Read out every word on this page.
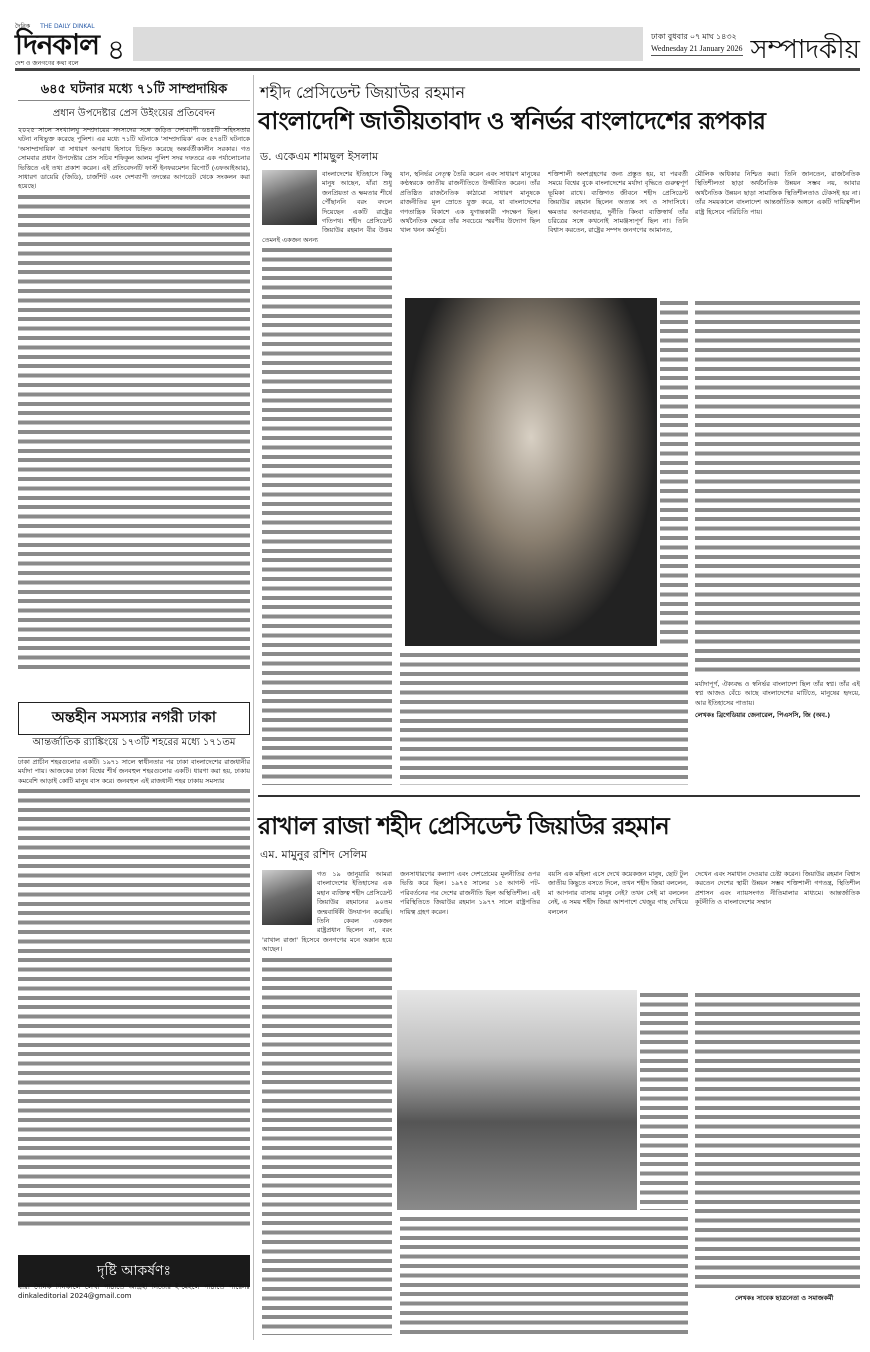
দৈনিক THE DAILY DINKAL
দিনকাল
দেশ ও জনগণের কথা বলে ৪	ঢাকা বুধবার ০৭ মাঘ ১৪৩২
Wednesday 21 January 2026 সম্পাদকীয়
৬৪৫ ঘটনার মধ্যে ৭১টি সাম্প্রদায়িক
প্রধান উপদেষ্টার প্রেস উইংয়ের প্রতিবেদন

২০২৫ সালে সংখ্যালঘু সম্প্রদায়ের সদস্যদের সঙ্গে জড়িত দেশব্যাপী ৬৪৫টি সহিংসতার ঘটনা নথিভুক্ত করেছে পুলিশ। এর মধ্যে ৭১টি ঘটনাকে 'সাম্প্রদায়িক' এবং ৫৭৪টি ঘটনাকে 'অসাম্প্রদায়িক' বা সাধারণ অপরাধ হিসাবে চিহ্নিত করেছে অন্তর্বর্তীকালীন সরকার। গত সোমবার প্রধান উপদেষ্টার প্রেস সচিব শফিকুল আলম পুলিশ সদর দফতরে এক পর্যালোচনার ভিত্তিতে এই তথ্য প্রকাশ করেন। এই প্রতিবেদনটি ফার্স্ট ইনফরমেশন রিপোর্ট (এফআইআর), সাধারণ ডায়েরি (জিডি), চার্জশিট এবং দেশব্যাপী তদন্তের আপডেট থেকে সংকলন করা হয়েছে।

অন্তহীন সমস্যার নগরী ঢাকা
আন্তর্জাতিক র‍্যাঙ্কিংয়ে ১৭৩টি শহরের মধ্যে ১৭১তম

ঢাকা প্রাচীন শহরগুলোর একটি। ১৯৭১ সালে স্বাধীনতার পর ঢাকা বাংলাদেশের রাজধানীর মর্যাদা পায়। আজকের ঢাকা বিশ্বের শীর্ষ জনবহুল শহরগুলোর একটি। ধারণা করা হয়, ঢাকায় কমবেশি আড়াই কোটি মানুষ বাস করে। জনবহুল এই রাজধানী শহর ঢাকায় সমস্যার

দৃষ্টি আকর্ষণঃ
যারা দৈনিক দিনকালে লেখা পাঠাতে আগ্রহী নিজের ই-মেইলে পাঠাতে পারেনঃ dinkaleditorial 2024@gmail.com
শহীদ প্রেসিডেন্ট জিয়াউর রহমান
বাংলাদেশি জাতীয়তাবাদ ও স্বনির্ভর বাংলাদেশের রূপকার
ড. একেএম শামছুল ইসলাম

বাংলাদেশের ইতিহাসে কিছু মানুষ আছেন, যাঁরা শুধু জনপ্রিয়তা ও ক্ষমতার শীর্ষে পৌঁছাননি বরং বদলে দিয়েছেন একটি রাষ্ট্রের গতিপথ। শহীদ প্রেসিডেন্ট জিয়াউর রহমান বীর উত্তম তেমনই একজন অনন্য

যান, স্থনির্ভর নেতৃত্ব তৈরি করেন এবং সাধারণ মানুষের কণ্ঠস্বরকে জাতীয় রাজনীতিতে উজ্জীবিত করেন। তাঁর প্রতিষ্ঠিত রাজনৈতিক কাঠামো সাধারণ মানুষকে রাজনীতির মূল স্রোতে যুক্ত করে, যা বাংলাদেশের গণতান্ত্রিক বিকাশে এক যুগান্তকারী পদক্ষেপ ছিল। অর্থনৈতিক ক্ষেত্রে তাঁর সবচেয়ে স্মরণীয় উদ্যোগ ছিল খাল খনন কর্মসূচি।
শক্তিশালী অংশগ্রহণের জন্য প্রস্তুত হয়, যা পরবর্তী সময়ে বিশ্বের বুকে বাংলাদেশের মর্যাদা বৃদ্ধিতে গুরুত্বপূর্ণ ভূমিকা রাখে। ব্যক্তিগত জীবনে শহীদ প্রেসিডেন্ট জিয়াউর রহমান ছিলেন অত্যন্ত সৎ ও সাদাসিধে। ক্ষমতার অপব্যবহার, দুর্নীতি কিংবা ব্যক্তিস্বার্থ তাঁর চরিত্রের সঙ্গে কখনোই সামঞ্জস্যপূর্ণ ছিল না। তিনি বিশ্বাস করতেন, রাষ্ট্রের সম্পদ জনগণের আমানত,
মৌলিক অধিকার নিশ্চিত করা। তিনি জানতেন, রাজনৈতিক স্থিতিশীলতা ছাড়া অর্থনৈতিক উন্নয়ন সম্ভব নয়, আবার অর্থনৈতিক উন্নয়ন ছাড়া সামাজিক স্থিতিশীলতাও টেকসই হয় না। তাঁর সময়কালে বাংলাদেশ আন্তর্জাতিক অঙ্গনে একটি দায়িত্বশীল রাষ্ট্র হিসেবে পরিচিতি পায়।
মর্যাদাপূর্ণ, ঐক্যবদ্ধ ও স্বনির্ভর বাংলাদেশ ছিল তাঁর স্বপ্ন। তাঁর এই স্বপ্ন আজও বেঁচে আছে বাংলাদেশের মাটিতে, মানুষের হৃদয়ে, আর ইতিহাসের পাতায়।
লেখকঃ ব্রিগেডিয়ার জেনারেল, পিএসসি, জি (অব.)
রাখাল রাজা শহীদ প্রেসিডেন্ট জিয়াউর রহমান
এম. মামুনুর রশিদ সেলিম

গত ১৯ জানুয়ারি আমরা বাংলাদেশের ইতিহাসের এক মহান ব্যক্তিত্ব শহীদ প্রেসিডেন্ট জিয়াউর রহমানের ৯০তম জন্মবার্ষিকী উদযাপন করেছি। তিনি কেবল একজন রাষ্ট্রপ্রধান ছিলেন না, বরং 'রাখাল রাজা' হিসেবে জনগণের মনে অম্লান হয়ে আছেন।

জনসাধারণের কল্যাণ এবং দেশপ্রেমের মূলনীতির ওপর ভিত্তি করে ছিল। ১৯৭৫ সালের ১৫ আগস্ট পট-পরিবর্তনের পর দেশের রাজনীতি ছিল অস্থিতিশীল। এই পরিস্থিতিতে জিয়াউর রহমান ১৯৭৭ সালে রাষ্ট্রপতির দায়িত্ব গ্রহণ করেন।
বয়সি এক মহিলা এসে দেখে কয়েকজন মানুষ, ছোট টুল জাতীয় কিছুতে বসতে দিলে, তখন শহীদ জিয়া বললেন, মা আপনার বাসায় মানুষ নেই? তখন সেই মা বললেন নেই, এ সময় শহীদ জিয়া আশপাশে খেজুর গাছ দেখিয়ে বললেন
দেখেন এবং সমাধান দেওয়ার চেষ্টা করেন। জিয়াউর রহমান বিশ্বাস করতেন দেশের স্থায়ী উন্নয়ন সম্ভব শক্তিশালী গণতন্ত্র, স্থিতিশীল প্রশাসন এবং ন্যায়সংগত নীতিমালার মাধ্যমে। আন্তর্জাতিক কূটনীতি ও বাংলাদেশের সম্মান
লেখকঃ সাবেক ছাত্রনেতা ও সমাজকর্মী
